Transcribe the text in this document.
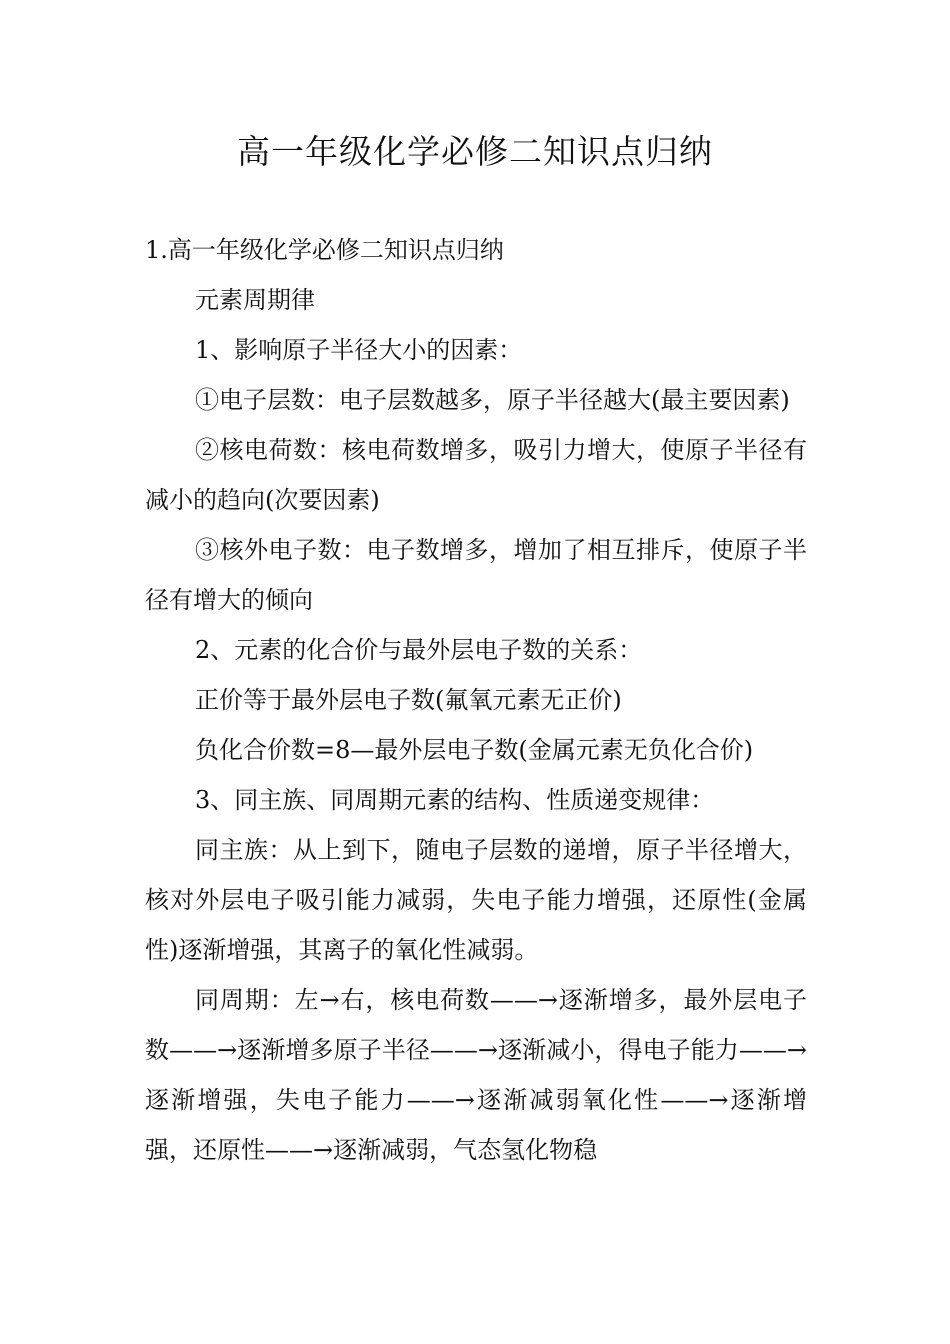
高一年级化学必修二知识点归纳

1.高一年级化学必修二知识点归纳

元素周期律

1、影响原子半径大小的因素：

①电子层数：电子层数越多，原子半径越大(最主要因素)

②核电荷数：核电荷数增多，吸引力增大，使原子半径有减小的趋向(次要因素)

③核外电子数：电子数增多，增加了相互排斥，使原子半径有增大的倾向

2、元素的化合价与最外层电子数的关系：

正价等于最外层电子数(氟氧元素无正价)

负化合价数=8—最外层电子数(金属元素无负化合价)

3、同主族、同周期元素的结构、性质递变规律：

同主族：从上到下，随电子层数的递增，原子半径增大，核对外层电子吸引能力减弱，失电子能力增强，还原性(金属性)逐渐增强，其离子的氧化性减弱。

同周期：左→右，核电荷数——→逐渐增多，最外层电子数——→逐渐增多原子半径——→逐渐减小，得电子能力——→逐渐增强，失电子能力——→逐渐减弱氧化性——→逐渐增强，还原性——→逐渐减弱，气态氢化物稳
